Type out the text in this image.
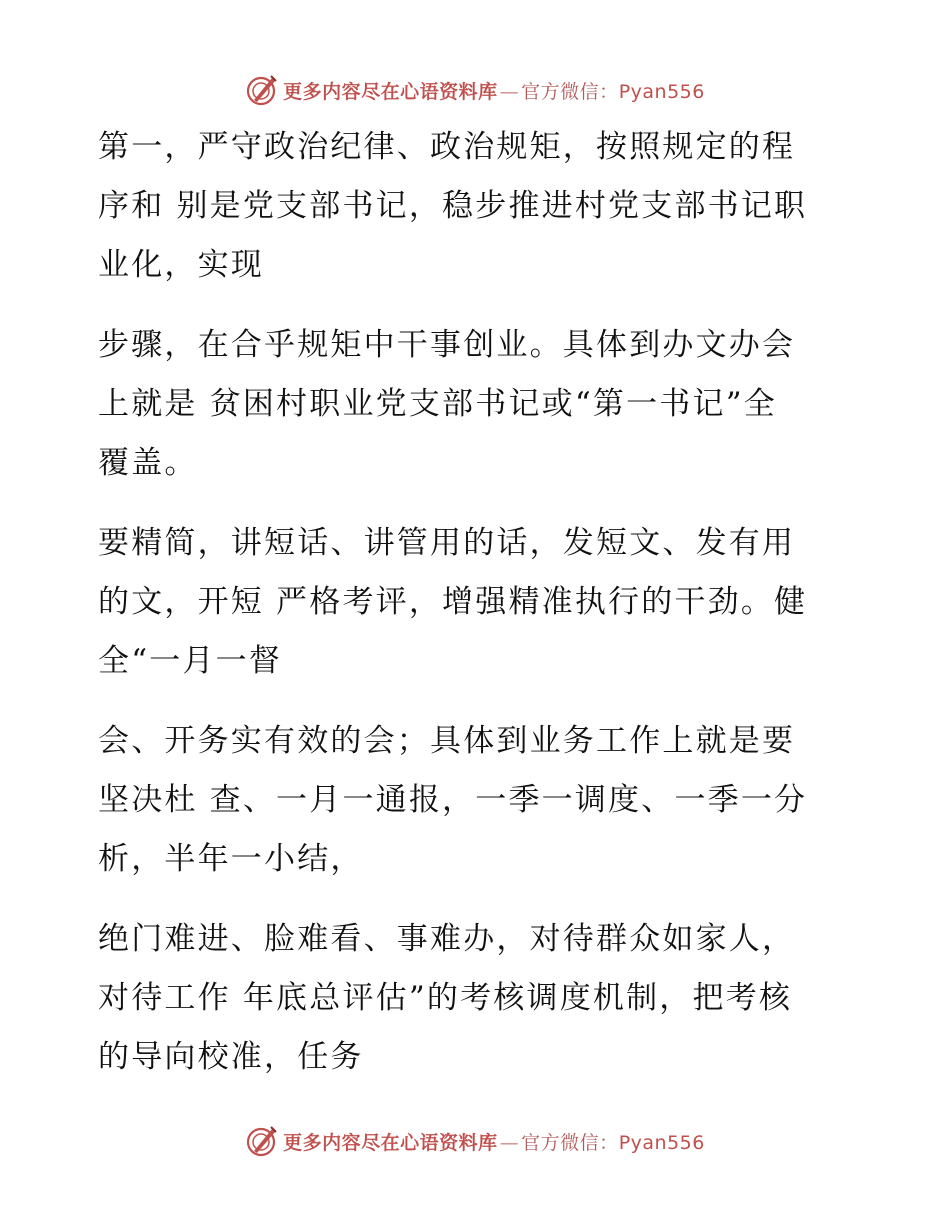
更多内容尽在心语资料库 — 官方微信：Pyan556
第一，严守政治纪律、政治规矩，按照规定的程
序和 别是党支部书记，稳步推进村党支部书记职
业化，实现
步骤，在合乎规矩中干事创业。具体到办文办会
上就是 贫困村职业党支部书记或“第一书记”全
覆盖。
要精简，讲短话、讲管用的话，发短文、发有用
的文，开短 严格考评，增强精准执行的干劲。健
全“一月一督
会、开务实有效的会；具体到业务工作上就是要
坚决杜 查、一月一通报，一季一调度、一季一分
析，半年一小结，
绝门难进、脸难看、事难办，对待群众如家人，
对待工作 年底总评估”的考核调度机制，把考核
的导向校准，任务
更多内容尽在心语资料库 — 官方微信：Pyan556
